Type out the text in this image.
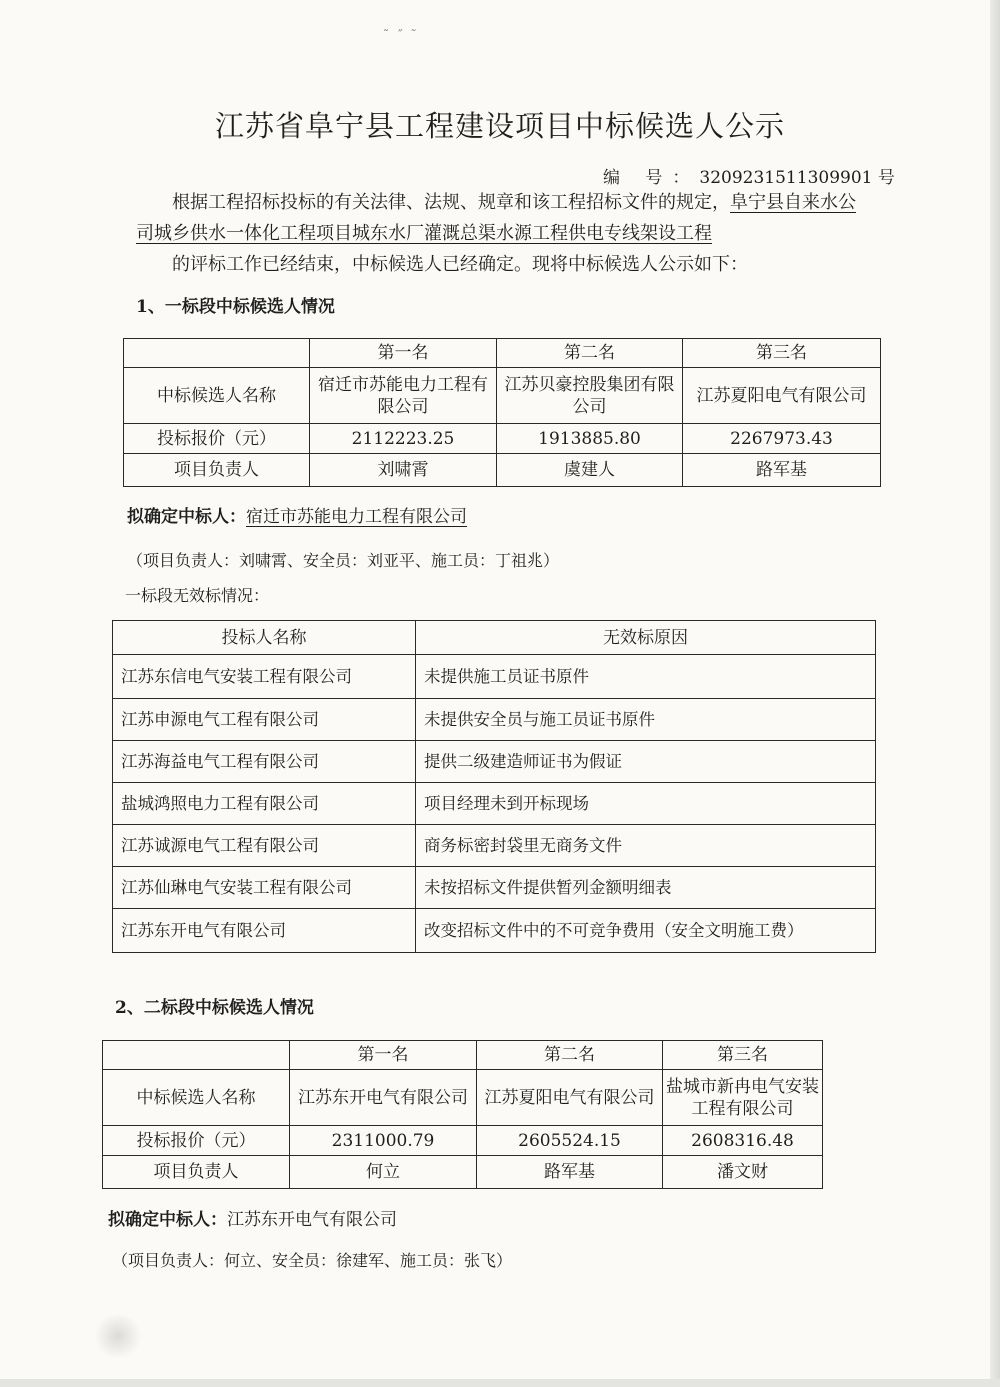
˜ ˝ ˜
江苏省阜宁县工程建设项目中标候选人公示
编 号：3209231511309901 号
根据工程招标投标的有关法律、法规、规章和该工程招标文件的规定，阜宁县自来水公司城乡供水一体化工程项目城东水厂灌溉总渠水源工程供电专线架设工程
的评标工作已经结束，中标候选人已经确定。现将中标候选人公示如下：
1、一标段中标候选人情况
	第一名	第二名	第三名
中标候选人名称	宿迁市苏能电力工程有限公司	江苏贝豪控股集团有限公司	江苏夏阳电气有限公司
投标报价（元）	2112223.25	1913885.80	2267973.43
项目负责人	刘啸霄	虞建人	路军基
拟确定中标人：宿迁市苏能电力工程有限公司
（项目负责人：刘啸霄、安全员：刘亚平、施工员：丁祖兆）
一标段无效标情况：
投标人名称	无效标原因
江苏东信电气安装工程有限公司	未提供施工员证书原件
江苏申源电气工程有限公司	未提供安全员与施工员证书原件
江苏海益电气工程有限公司	提供二级建造师证书为假证
盐城鸿照电力工程有限公司	项目经理未到开标现场
江苏诚源电气工程有限公司	商务标密封袋里无商务文件
江苏仙琳电气安装工程有限公司	未按招标文件提供暂列金额明细表
江苏东开电气有限公司	改变招标文件中的不可竞争费用（安全文明施工费）
2、二标段中标候选人情况
	第一名	第二名	第三名
中标候选人名称	江苏东开电气有限公司	江苏夏阳电气有限公司	盐城市新冉电气安装工程有限公司
投标报价（元）	2311000.79	2605524.15	2608316.48
项目负责人	何立	路军基	潘文财
拟确定中标人：江苏东开电气有限公司
（项目负责人：何立、安全员：徐建军、施工员：张飞）
